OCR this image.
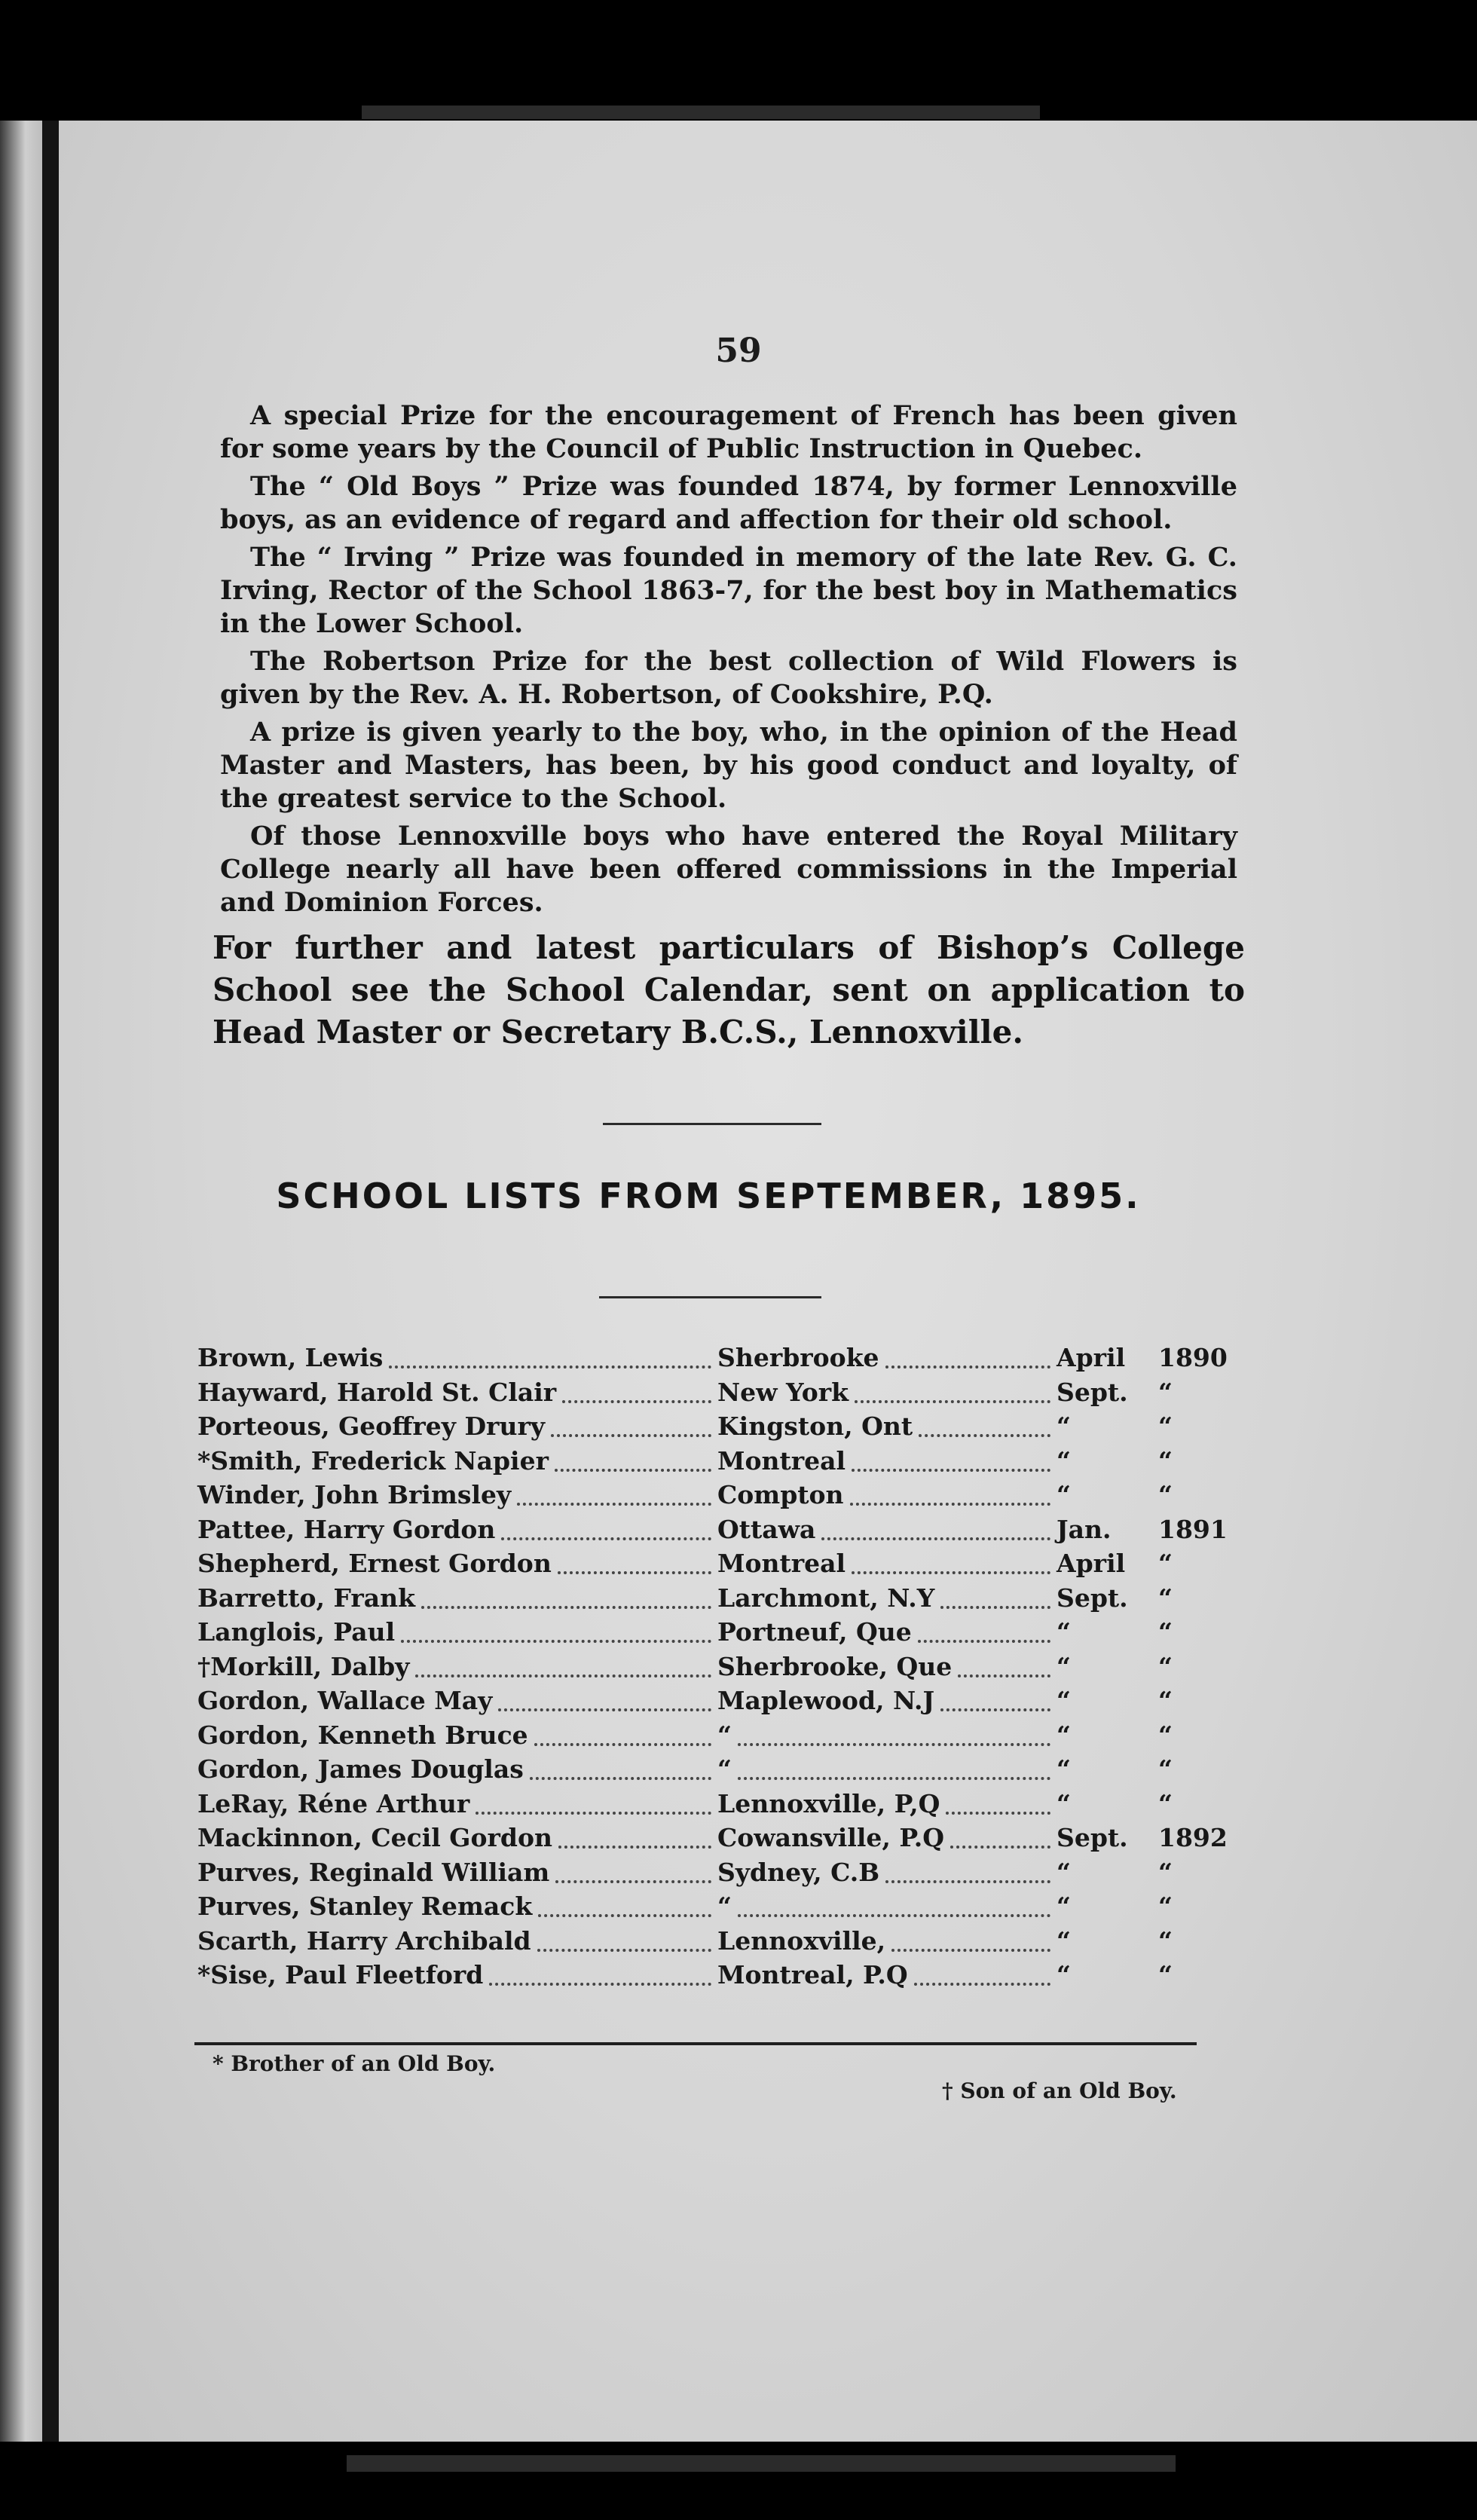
59

A special Prize for the encouragement of French has been given for some years by the Council of Public Instruction in Quebec.

The “ Old Boys ” Prize was founded 1874, by former Lennoxville boys, as an evidence of regard and affection for their old school.

The “ Irving ” Prize was founded in memory of the late Rev. G. C. Irving, Rector of the School 1863-7, for the best boy in Mathematics in the Lower School.

The Robertson Prize for the best collection of Wild Flowers is given by the Rev. A. H. Robertson, of Cookshire, P.Q.

A prize is given yearly to the boy, who, in the opinion of the Head Master and Masters, has been, by his good conduct and loyalty, of the greatest service to the School.

Of those Lennoxville boys who have entered the Royal Military College nearly all have been offered commissions in the Imperial and Dominion Forces.

For further and latest particulars of Bishop’s College School see the School Calendar, sent on application to Head Master or Secretary B.C.S., Lennoxville.
SCHOOL LISTS FROM SEPTEMBER, 1895.
Brown, Lewis	Sherbrooke	April	1890
Hayward, Harold St. Clair	New York	Sept.	“
Porteous, Geoffrey Drury	Kingston, Ont	“	“
*Smith, Frederick Napier	Montreal	“	“
Winder, John Brimsley	Compton	“	“
Pattee, Harry Gordon	Ottawa	Jan.	1891
Shepherd, Ernest Gordon	Montreal	April	“
Barretto, Frank	Larchmont, N.Y	Sept.	“
Langlois, Paul	Portneuf, Que	“	“
†Morkill, Dalby	Sherbrooke, Que	“	“
Gordon, Wallace May	Maplewood, N.J	“	“
Gordon, Kenneth Bruce	“	“	“
Gordon, James Douglas	“	“	“
LeRay, Réne Arthur	Lennoxville, P,Q	“	“
Mackinnon, Cecil Gordon	Cowansville, P.Q	Sept.	1892
Purves, Reginald William	Sydney, C.B	“	“
Purves, Stanley Remack	“	“	“
Scarth, Harry Archibald	Lennoxville,	“	“
*Sise, Paul Fleetford	Montreal, P.Q	“	“
* Brother of an Old Boy.
† Son of an Old Boy.
